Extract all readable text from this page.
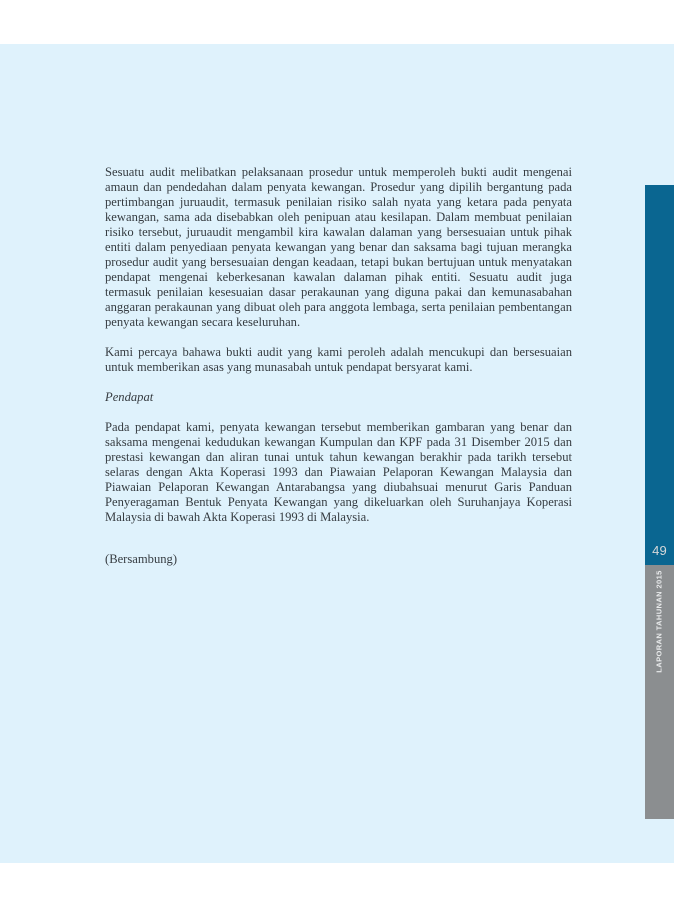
Sesuatu audit melibatkan pelaksanaan prosedur untuk memperoleh bukti audit mengenai amaun dan pendedahan dalam penyata kewangan. Prosedur yang dipilih bergantung pada pertimbangan juruaudit, termasuk penilaian risiko salah nyata yang ketara pada penyata kewangan, sama ada disebabkan oleh penipuan atau kesilapan. Dalam membuat penilaian risiko tersebut, juruaudit mengambil kira kawalan dalaman yang bersesuaian untuk pihak entiti dalam penyediaan penyata kewangan yang benar dan saksama bagi tujuan merangka prosedur audit yang bersesuaian dengan keadaan, tetapi bukan bertujuan untuk menyatakan pendapat mengenai keberkesanan kawalan dalaman pihak entiti. Sesuatu audit juga termasuk penilaian kesesuaian dasar perakaunan yang diguna pakai dan kemunasabahan anggaran perakaunan yang dibuat oleh para anggota lembaga, serta penilaian pembentangan penyata kewangan secara keseluruhan.

Kami percaya bahawa bukti audit yang kami peroleh adalah mencukupi dan bersesuaian untuk memberikan asas yang munasabah untuk pendapat bersyarat kami.

Pendapat

Pada pendapat kami, penyata kewangan tersebut memberikan gambaran yang benar dan saksama mengenai kedudukan kewangan Kumpulan dan KPF pada 31 Disember 2015 dan prestasi kewangan dan aliran tunai untuk tahun kewangan berakhir pada tarikh tersebut selaras dengan Akta Koperasi 1993 dan Piawaian Pelaporan Kewangan Malaysia dan Piawaian Pelaporan Kewangan Antarabangsa yang diubahsuai menurut Garis Panduan Penyeragaman Bentuk Penyata Kewangan yang dikeluarkan oleh Suruhanjaya Koperasi Malaysia di bawah Akta Koperasi 1993 di Malaysia.

(Bersambung)

49
LAPORAN TAHUNAN 2015
